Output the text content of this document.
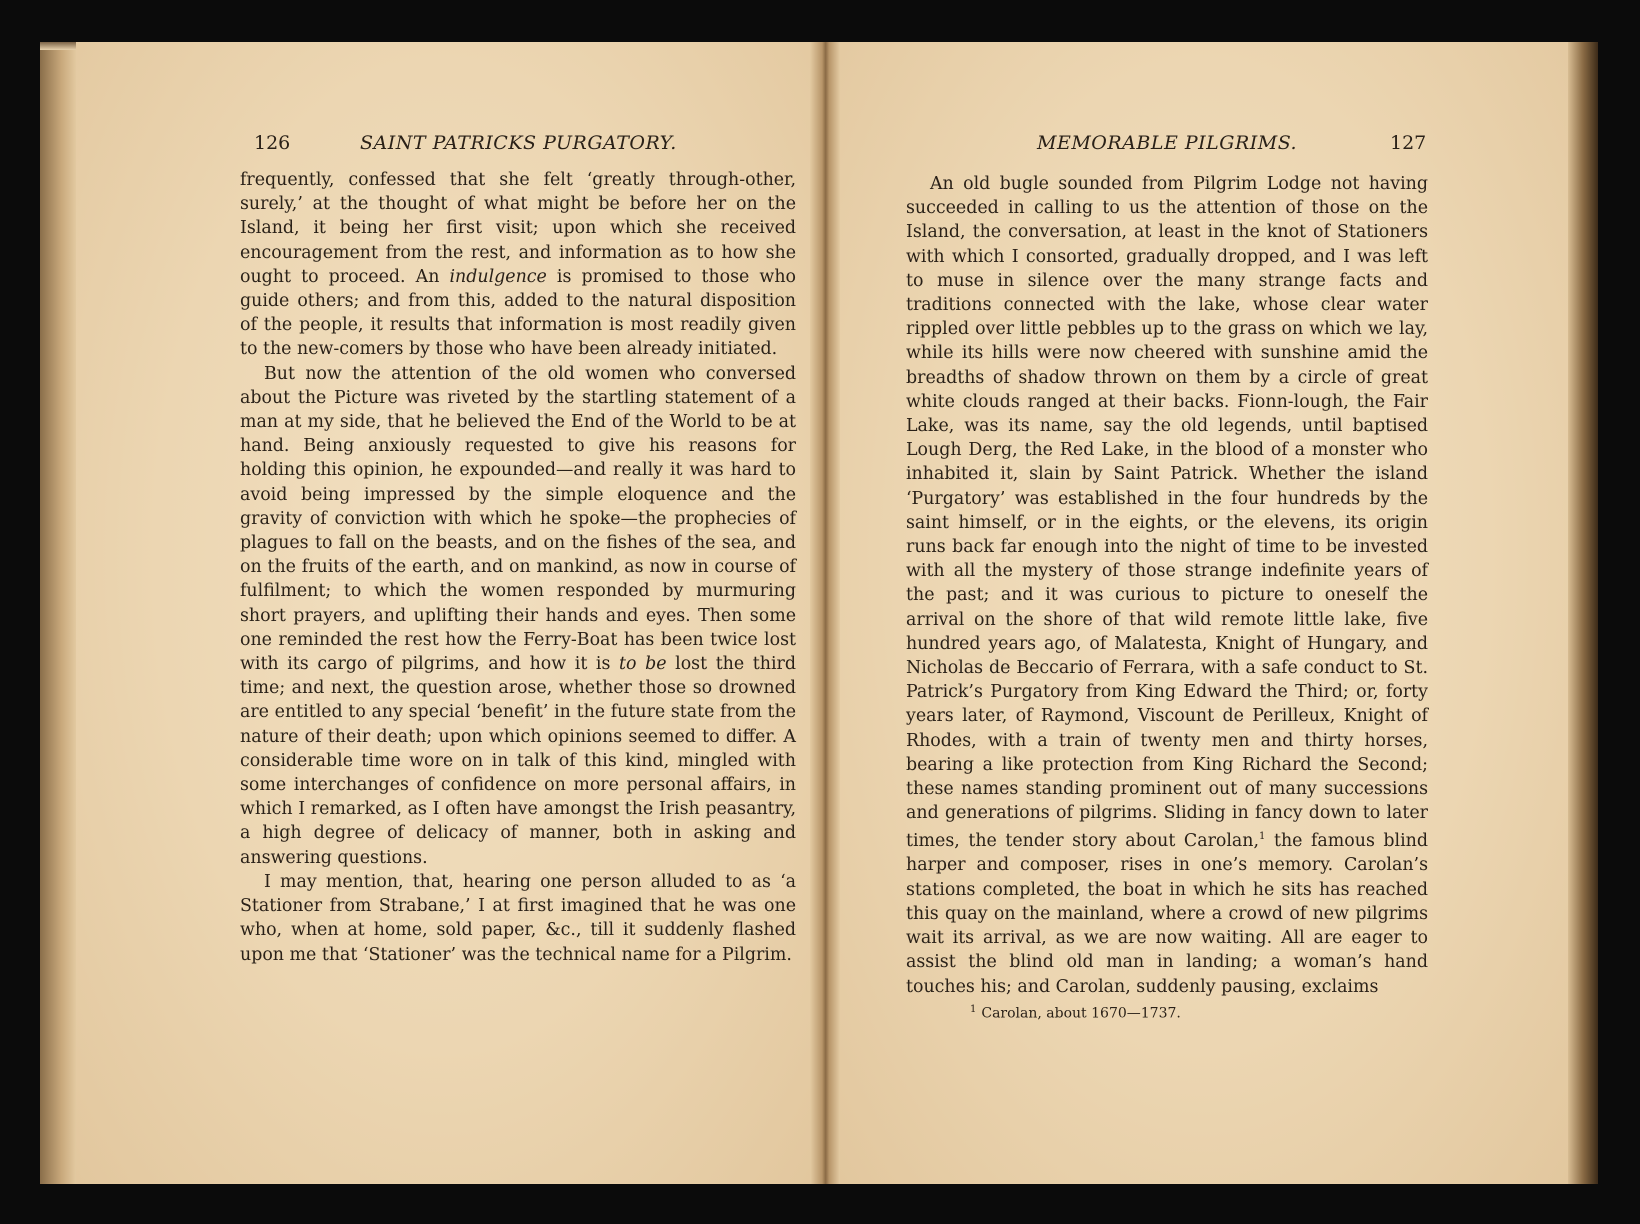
126	SAINT PATRICKS PURGATORY.

frequently, confessed that she felt ‘greatly through-other, surely,’ at the thought of what might be before her on the Island, it being her first visit; upon which she received encouragement from the rest, and information as to how she ought to proceed. An indulgence is promised to those who guide others; and from this, added to the natural disposition of the people, it results that information is most readily given to the new-comers by those who have been already initiated.

But now the attention of the old women who conversed about the Picture was riveted by the startling statement of a man at my side, that he believed the End of the World to be at hand. Being anxiously requested to give his reasons for holding this opinion, he expounded—and really it was hard to avoid being impressed by the simple eloquence and the gravity of conviction with which he spoke—the prophecies of plagues to fall on the beasts, and on the fishes of the sea, and on the fruits of the earth, and on mankind, as now in course of fulfilment; to which the women responded by murmuring short prayers, and uplifting their hands and eyes. Then some one reminded the rest how the Ferry-Boat has been twice lost with its cargo of pilgrims, and how it is to be lost the third time; and next, the question arose, whether those so drowned are entitled to any special ‘benefit’ in the future state from the nature of their death; upon which opinions seemed to differ. A considerable time wore on in talk of this kind, mingled with some interchanges of confidence on more personal affairs, in which I remarked, as I often have amongst the Irish peasantry, a high degree of delicacy of manner, both in asking and answering questions.

I may mention, that, hearing one person alluded to as ‘a Stationer from Strabane,’ I at first imagined that he was one who, when at home, sold paper, &c., till it suddenly flashed upon me that ‘Stationer’ was the technical name for a Pilgrim.

MEMORABLE PILGRIMS.	127

An old bugle sounded from Pilgrim Lodge not having succeeded in calling to us the attention of those on the Island, the conversation, at least in the knot of Stationers with which I consorted, gradually dropped, and I was left to muse in silence over the many strange facts and traditions connected with the lake, whose clear water rippled over little pebbles up to the grass on which we lay, while its hills were now cheered with sunshine amid the breadths of shadow thrown on them by a circle of great white clouds ranged at their backs. Fionn-lough, the Fair Lake, was its name, say the old legends, until baptised Lough Derg, the Red Lake, in the blood of a monster who inhabited it, slain by Saint Patrick. Whether the island ‘Purgatory’ was established in the four hundreds by the saint himself, or in the eights, or the elevens, its origin runs back far enough into the night of time to be invested with all the mystery of those strange indefinite years of the past; and it was curious to picture to oneself the arrival on the shore of that wild remote little lake, five hundred years ago, of Malatesta, Knight of Hungary, and Nicholas de Beccario of Ferrara, with a safe conduct to St. Patrick’s Purgatory from King Edward the Third; or, forty years later, of Raymond, Viscount de Perilleux, Knight of Rhodes, with a train of twenty men and thirty horses, bearing a like protection from King Richard the Second; these names standing prominent out of many successions and generations of pilgrims. Sliding in fancy down to later times, the tender story about Carolan,$^1$ the famous blind harper and composer, rises in one’s memory. Carolan’s stations completed, the boat in which he sits has reached this quay on the mainland, where a crowd of new pilgrims wait its arrival, as we are now waiting. All are eager to assist the blind old man in landing; a woman’s hand touches his; and Carolan, suddenly pausing, exclaims

$^1$ Carolan, about 1670—1737.
